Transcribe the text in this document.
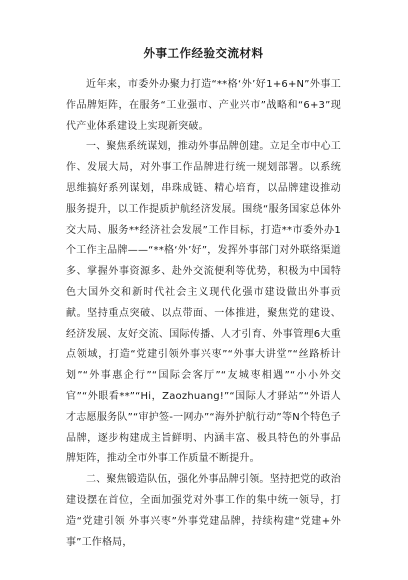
外事工作经验交流材料

近年来，市委外办聚力打造“**格‘外’好1+6+N”外事工作品牌矩阵，在服务“工业强市、产业兴市”战略和“6+3”现代产业体系建设上实现新突破。

一、聚焦系统谋划，推动外事品牌创建。立足全市中心工作、发展大局，对外事工作品牌进行统一规划部署。以系统思维搞好系列谋划，串珠成链、精心培育，以品牌建设推动服务提升，以工作提质护航经济发展。围绕“服务国家总体外交大局、服务**经济社会发展”工作目标，打造**市委外办1个工作主品牌——“**格‘外’好”，发挥外事部门对外联络渠道多、掌握外事资源多、赴外交流便利等优势，积极为中国特色大国外交和新时代社会主义现代化强市建设做出外事贡献。坚持重点突破、以点带面、一体推进，聚焦党的建设、经济发展、友好交流、国际传播、人才引育、外事管理6大重点领域，打造“党建引领外事兴枣”“外事大讲堂”“丝路桥计划”“外事惠企行”“国际会客厅”“友城枣相遇”“小小外交官”“外眼看**”“Hi，Zaozhuang!”“国际人才驿站”“外语人才志愿服务队”“审护签-一网办”“海外护航行动”等N个特色子品牌，逐步构建成主旨鲜明、内涵丰富、极具特色的外事品牌矩阵，推动全市外事工作质量不断提升。

二、聚焦锻造队伍，强化外事品牌引领。坚持把党的政治建设摆在首位，全面加强党对外事工作的集中统一领导，打造“党建引领 外事兴枣”外事党建品牌，持续构建“党建+外事”工作格局，
